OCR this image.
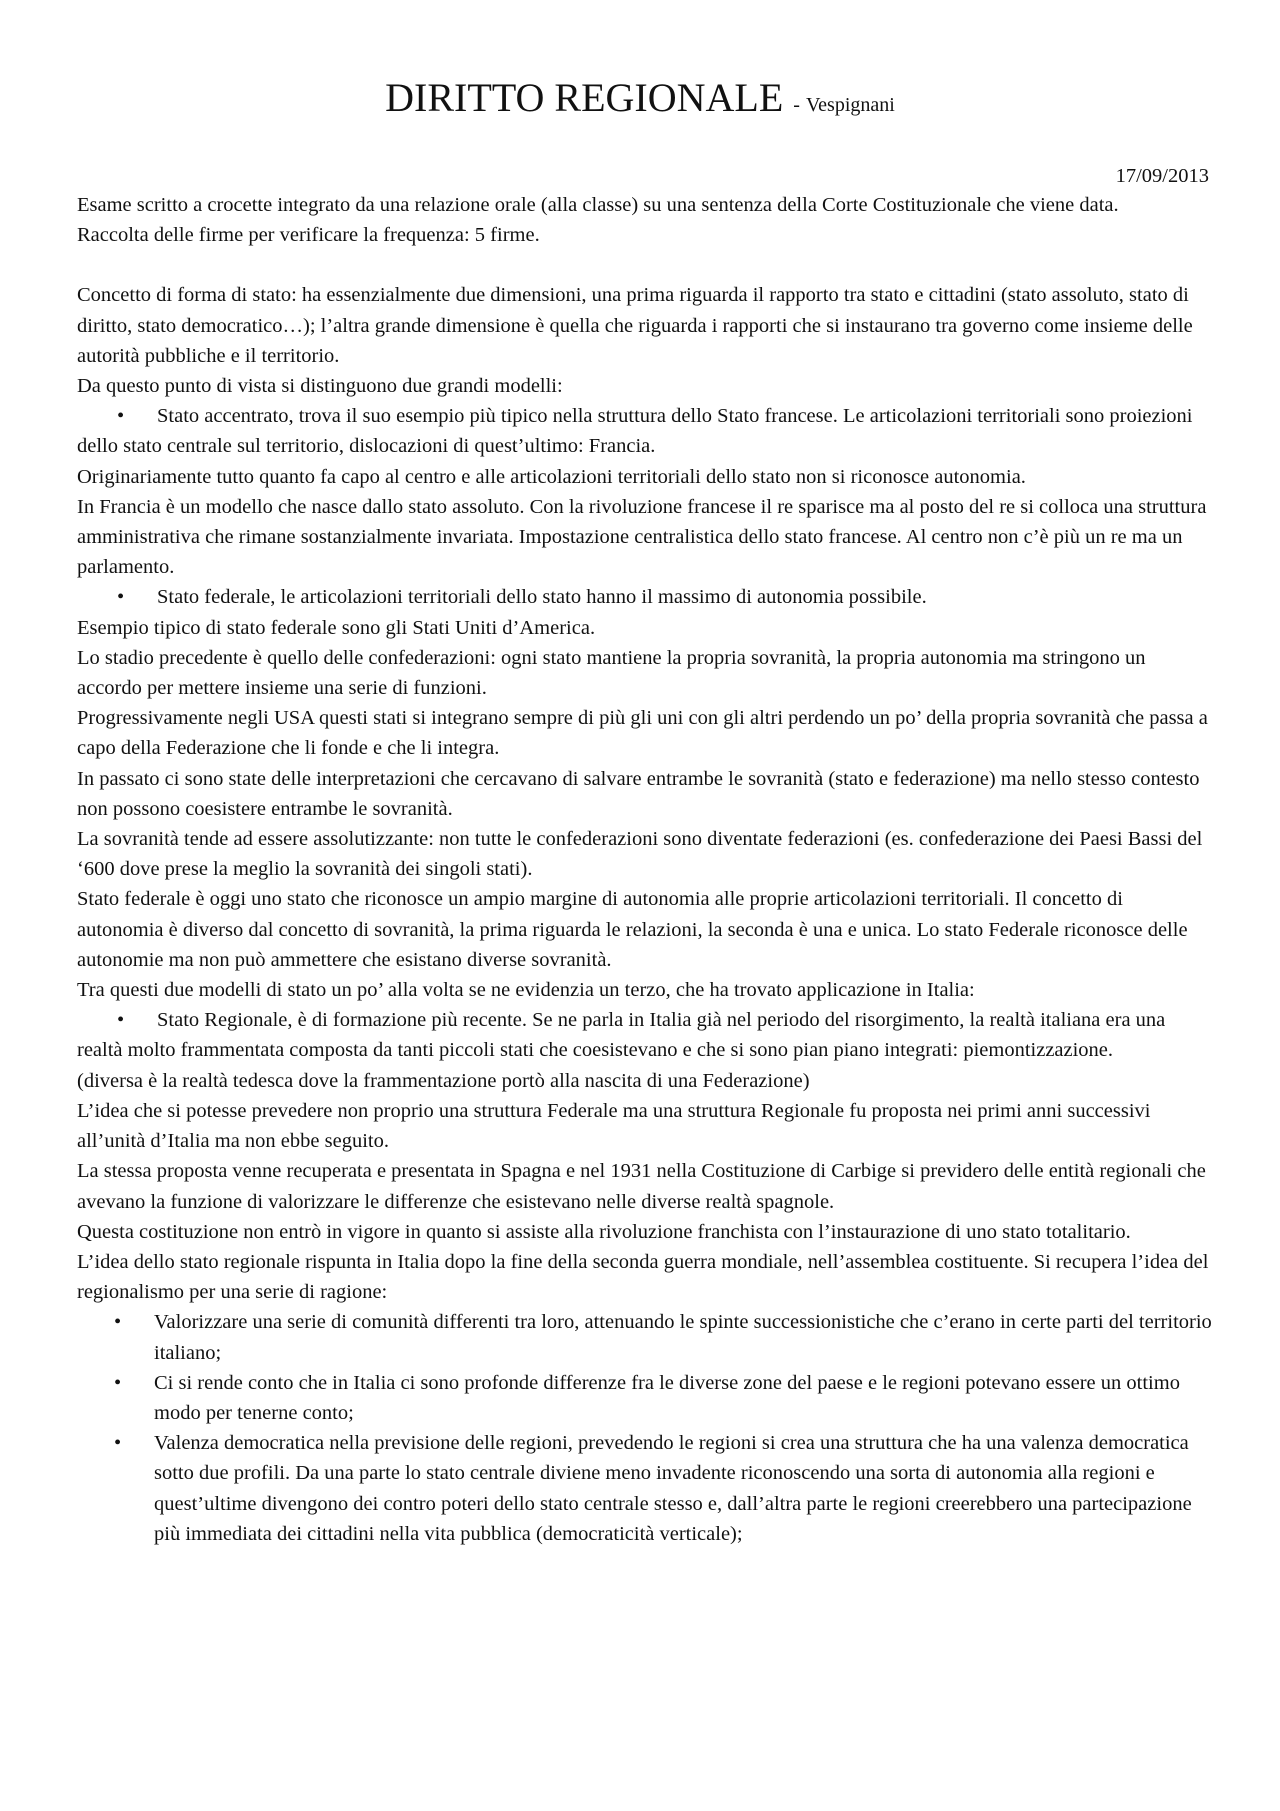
DIRITTO REGIONALE - Vespignani
17/09/2013

Esame scritto a crocette integrato da una relazione orale (alla classe) su una sentenza della Corte Costituzionale che viene data.

Raccolta delle firme per verificare la frequenza: 5 firme.

Concetto di forma di stato: ha essenzialmente due dimensioni, una prima riguarda il rapporto tra stato e cittadini (stato assoluto, stato di diritto, stato democratico…); l’altra grande dimensione è quella che riguarda i rapporti che si instaurano tra governo come insieme delle autorità pubbliche e il territorio.

Da questo punto di vista si distinguono due grandi modelli:

• Stato accentrato, trova il suo esempio più tipico nella struttura dello Stato francese. Le articolazioni territoriali sono proiezioni dello stato centrale sul territorio, dislocazioni di quest’ultimo: Francia.

Originariamente tutto quanto fa capo al centro e alle articolazioni territoriali dello stato non si riconosce autonomia.

In Francia è un modello che nasce dallo stato assoluto. Con la rivoluzione francese il re sparisce ma al posto del re si colloca una struttura amministrativa che rimane sostanzialmente invariata. Impostazione centralistica dello stato francese. Al centro non c’è più un re ma un parlamento.

• Stato federale, le articolazioni territoriali dello stato hanno il massimo di autonomia possibile.

Esempio tipico di stato federale sono gli Stati Uniti d’America.

Lo stadio precedente è quello delle confederazioni: ogni stato mantiene la propria sovranità, la propria autonomia ma stringono un accordo per mettere insieme una serie di funzioni.

Progressivamente negli USA questi stati si integrano sempre di più gli uni con gli altri perdendo un po’ della propria sovranità che passa a capo della Federazione che li fonde e che li integra.

In passato ci sono state delle interpretazioni che cercavano di salvare entrambe le sovranità (stato e federazione) ma nello stesso contesto non possono coesistere entrambe le sovranità.

La sovranità tende ad essere assolutizzante: non tutte le confederazioni sono diventate federazioni (es. confederazione dei Paesi Bassi del ‘600 dove prese la meglio la sovranità dei singoli stati).

Stato federale è oggi uno stato che riconosce un ampio margine di autonomia alle proprie articolazioni territoriali. Il concetto di autonomia è diverso dal concetto di sovranità, la prima riguarda le relazioni, la seconda è una e unica. Lo stato Federale riconosce delle autonomie ma non può ammettere che esistano diverse sovranità.

Tra questi due modelli di stato un po’ alla volta se ne evidenzia un terzo, che ha trovato applicazione in Italia:

• Stato Regionale, è di formazione più recente. Se ne parla in Italia già nel periodo del risorgimento, la realtà italiana era una realtà molto frammentata composta da tanti piccoli stati che coesistevano e che si sono pian piano integrati: piemontizzazione.

(diversa è la realtà tedesca dove la frammentazione portò alla nascita di una Federazione)

L’idea che si potesse prevedere non proprio una struttura Federale ma una struttura Regionale fu proposta nei primi anni successivi all’unità d’Italia ma non ebbe seguito.

La stessa proposta venne recuperata e presentata in Spagna e nel 1931 nella Costituzione di Carbige si previdero delle entità regionali che avevano la funzione di valorizzare le differenze che esistevano nelle diverse realtà spagnole.

Questa costituzione non entrò in vigore in quanto si assiste alla rivoluzione franchista con l’instaurazione di uno stato totalitario.

L’idea dello stato regionale rispunta in Italia dopo la fine della seconda guerra mondiale, nell’assemblea costituente. Si recupera l’idea del regionalismo per una serie di ragione:

• Valorizzare una serie di comunità differenti tra loro, attenuando le spinte successionistiche che c’erano in certe parti del territorio italiano;
• Ci si rende conto che in Italia ci sono profonde differenze fra le diverse zone del paese e le regioni potevano essere un ottimo modo per tenerne conto;
• Valenza democratica nella previsione delle regioni, prevedendo le regioni si crea una struttura che ha una valenza democratica sotto due profili. Da una parte lo stato centrale diviene meno invadente riconoscendo una sorta di autonomia alla regioni e quest’ultime divengono dei contro poteri dello stato centrale stesso e, dall’altra parte le regioni creerebbero una partecipazione più immediata dei cittadini nella vita pubblica (democraticità verticale);
